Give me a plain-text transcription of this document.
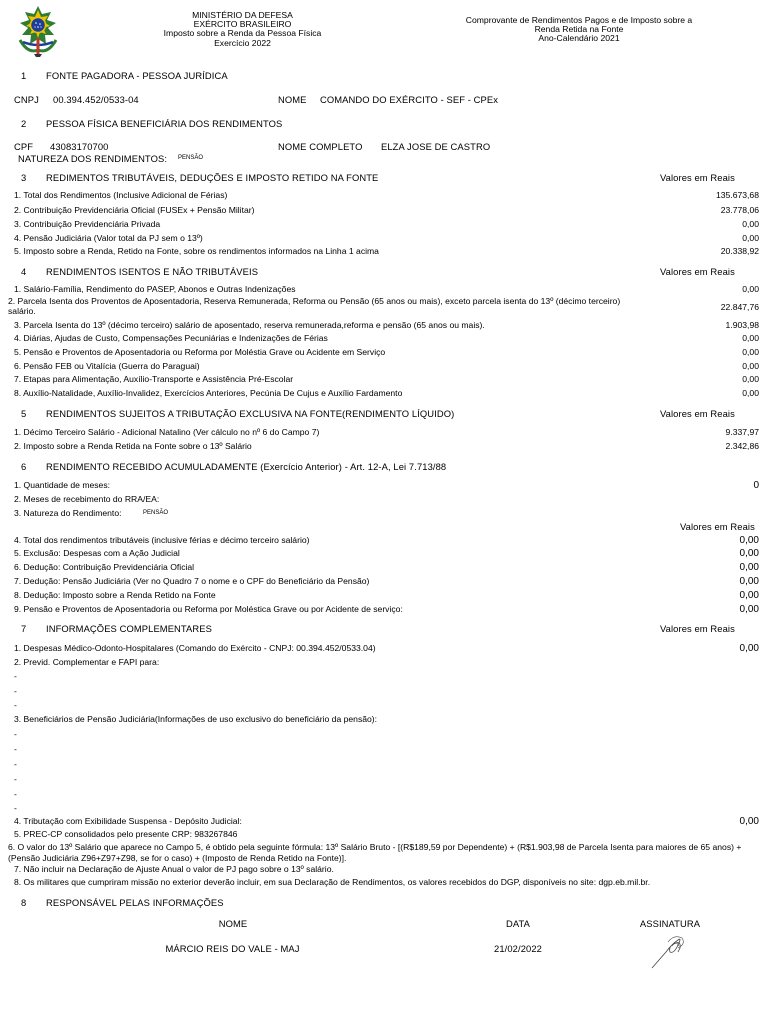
MINISTÉRIO DA DEFESA
EXÉRCITO BRASILEIRO
Imposto sobre a Renda da Pessoa Física
Exercício 2022
Comprovante de Rendimentos Pagos e de Imposto sobre a
Renda Retida na Fonte
Ano-Calendário 2021
1 FONTE PAGADORA - PESSOA JURÍDICA
CNPJ 00.394.452/0533-04	NOME COMANDO DO EXÉRCITO - SEF - CPEx
2 PESSOA FÍSICA BENEFICIÁRIA DOS RENDIMENTOS
CPF 43083170700	NOME COMPLETO ELZA JOSE DE CASTRO
NATUREZA DOS RENDIMENTOS: PENSÃO
3 REDIMENTOS TRIBUTÁVEIS, DEDUÇÕES E IMPOSTO RETIDO NA FONTE	Valores em Reais
1. Total dos Rendimentos (Inclusive Adicional de Férias)	135.673,68
2. Contribuição Previdenciária Oficial (FUSEx + Pensão Militar)	23.778,06
3. Contribuição Previdenciária Privada	0,00
4. Pensão Judiciária (Valor total da PJ sem o 13º)	0,00
5. Imposto sobre a Renda, Retido na Fonte, sobre os rendimentos informados na Linha 1 acima	20.338,92
4 RENDIMENTOS ISENTOS E NÃO TRIBUTÁVEIS	Valores em Reais
1. Salário-Família, Rendimento do PASEP, Abonos e Outras Indenizações	0,00
2. Parcela Isenta dos Proventos de Aposentadoria, Reserva Remunerada, Reforma ou Pensão (65 anos ou mais), exceto parcela isenta do 13º (décimo terceiro) salário.	22.847,76
3. Parcela Isenta do 13º (décimo terceiro) salário de aposentado, reserva remunerada,reforma e pensão (65 anos ou mais).	1.903,98
4. Diárias, Ajudas de Custo, Compensações Pecuniárias e Indenizações de Férias	0,00
5. Pensão e Proventos de Aposentadoria ou Reforma por Moléstia Grave ou Acidente em Serviço	0,00
6. Pensão FEB ou Vitalícia (Guerra do Paraguai)	0,00
7. Etapas para Alimentação, Auxílio-Transporte e Assistência Pré-Escolar	0,00
8. Auxílio-Natalidade, Auxílio-Invalidez, Exercícios Anteriores, Pecúnia De Cujus e Auxílio Fardamento	0,00
5 RENDIMENTOS SUJEITOS A TRIBUTAÇÃO EXCLUSIVA NA FONTE(RENDIMENTO LÍQUIDO)	Valores em Reais
1. Décimo Terceiro Salário - Adicional Natalino (Ver cálculo no nº 6 do Campo 7)	9.337,97
2. Imposto sobre a Renda Retida na Fonte sobre o 13º Salário	2.342,86
6 RENDIMENTO RECEBIDO ACUMULADAMENTE (Exercício Anterior) - Art. 12-A, Lei 7.713/88
1. Quantidade de meses:	0
2. Meses de recebimento do RRA/EA:
3. Natureza do Rendimento:	PENSÃO
Valores em Reais
4. Total dos rendimentos tributáveis (inclusive férias e décimo terceiro salário)	0,00
5. Exclusão: Despesas com a Ação Judicial	0,00
6. Dedução: Contribuição Previdenciária Oficial	0,00
7. Dedução: Pensão Judiciária (Ver no Quadro 7 o nome e o CPF do Beneficiário da Pensão)	0,00
8. Dedução: Imposto sobre a Renda Retido na Fonte	0,00
9. Pensão e Proventos de Aposentadoria ou Reforma por Moléstica Grave ou por Acidente de serviço:	0,00
7 INFORMAÇÕES COMPLEMENTARES	Valores em Reais
1. Despesas Médico-Odonto-Hospitalares (Comando do Exército - CNPJ: 00.394.452/0533.04)	0,00
2. Previd. Complementar e FAPI para:
-
-
-
3. Beneficiários de Pensão Judiciária(Informações de uso exclusivo do beneficiário da pensão):
-
-
-
-
-
-
4. Tributação com Exibilidade Suspensa - Depósito Judicial:	0,00
5. PREC-CP consolidados pelo presente CRP: 983267846
6. O valor do 13º Salário que aparece no Campo 5, é obtido pela seguinte fórmula: 13º Salário Bruto - [(R$189,59 por Dependente) + (R$1.903,98 de Parcela Isenta para maiores de 65 anos) + (Pensão Judiciária Z96+Z97+Z98, se for o caso) + (Imposto de Renda Retido na Fonte)].
7. Não incluir na Declaração de Ajuste Anual o valor de PJ pago sobre o 13º salário.
8. Os militares que cumpriram missão no exterior deverão incluir, em sua Declaração de Rendimentos, os valores recebidos do DGP, disponíveis no site: dgp.eb.mil.br.
8 RESPONSÁVEL PELAS INFORMAÇÕES
NOME	DATA	ASSINATURA
MÁRCIO REIS DO VALE - MAJ	21/02/2022
